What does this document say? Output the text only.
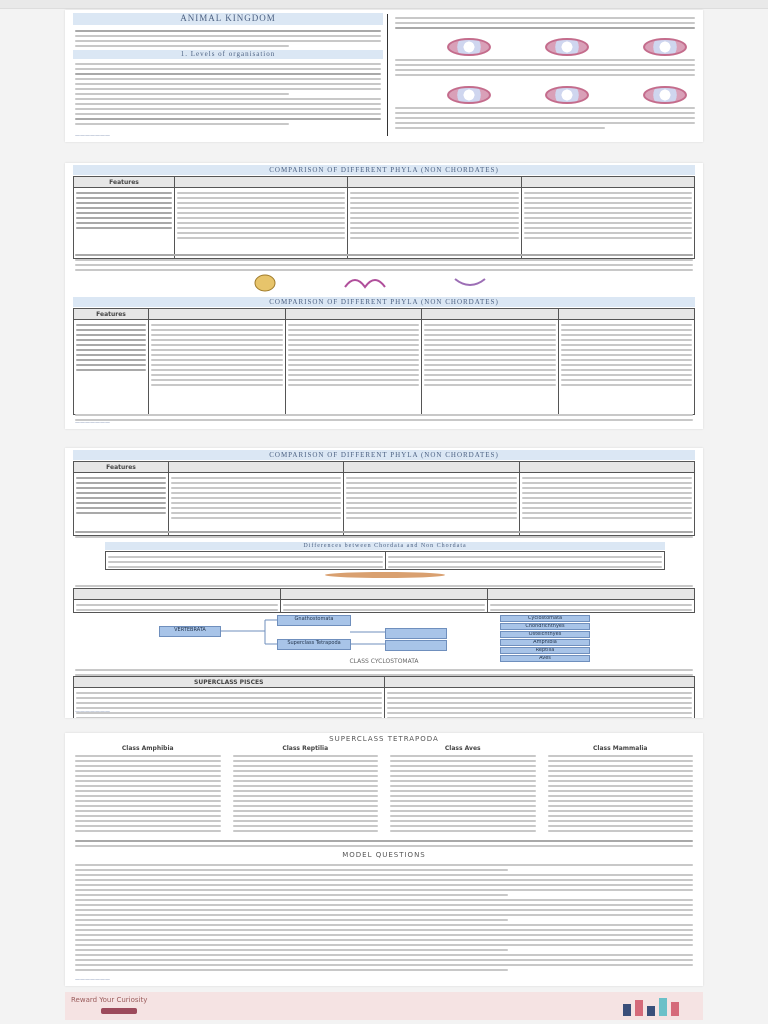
ANIMAL KINGDOM
1. Levels of organisation
———————
COMPARISON OF DIFFERENT PHYLA (NON CHORDATES)
Features			

COMPARISON OF DIFFERENT PHYLA (NON CHORDATES)
Features				

———————
COMPARISON OF DIFFERENT PHYLA (NON CHORDATES)
Features			

Differences between Chordata and Non Chordata

VERTEBRATA
Gnathostomata
Superclass Tetrapoda
Cyclostomata
Chondrichthyes
Osteichthyes
Amphibia
Reptilia
Aves
CLASS CYCLOSTOMATA
SUPERCLASS PISCES	

———————
SUPERCLASS TETRAPODA
Class Amphibia	Class Reptilia	Class Aves	Class Mammalia
MODEL QUESTIONS
———————
Reward Your Curiosity
